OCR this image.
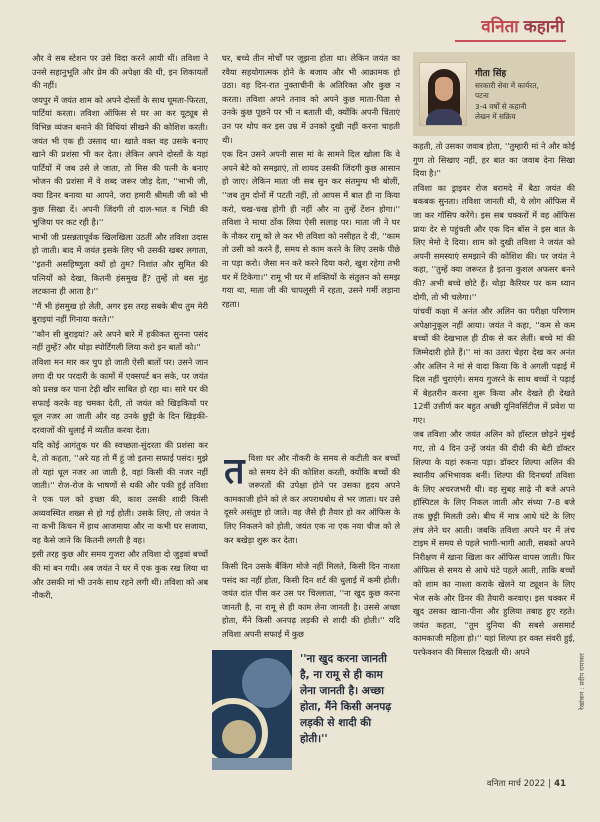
वनिता कहानी

और वे सब स्टेशन पर उसे विदा करने आयी थीं। तविशा ने उनसे सहानुभूति और प्रेम की अपेक्षा की थी, इन शिकायतों की नहीं।

जयपुर में जयंत शाम को अपने दोस्तों के साथ घूमता-फिरता, पार्टियां करता। तविशा ऑफिस से घर आ कर यूट्यूब से विभिन्न व्यंजन बनाने की विधियां सीखने की कोशिश करती। जयंत भी एक ही उस्ताद था। खाते वक्त वह उसके बनाए खाने की प्रशंसा भी कर देता। लेकिन अपने दोस्तों के यहां पार्टियों में जब उसे ले जाता, तो मिस की पत्नी के बनाए भोजन की प्रशंसा में वे शब्द जरूर जोड़ देता, ''भाभी जी, क्या डिनर बनाया था आपने, जरा हमारी श्रीमती जी को भी कुछ सिखा दें। अपनी जिंदगी तो दाल-भात व भिंडी की भुजिया पर कट रही है।''

भाभी जी प्रसन्नतापूर्वक खिलखिला उठतीं और तविशा उदास हो जाती। बाद में जयंत इसके लिए भी उसकी खबर लगाता, ''इतनी असहिष्णुता क्यों हो तुम? निशांत और सुमित की पत्नियों को देखा, कितनी हंसमुख हैं? तुम्हें तो बस मुंह लटकाना ही आता है।''

''मैं भी हंसमुख हो लेती, अगर इस तरह सबके बीच तुम मेरी बुराइयां नहीं गिनाया करते।''

''कौन सी बुराइयां? अरे अपने बारे में हकीकत सुनना पसंद नहीं तुम्हें? और थोड़ा स्पोर्टिंगली लिया करो इन बातों को।''

तविशा मन मार कर चुप हो जाती ऐसी बातों पर। उसने जान लगा दी घर परदारी के कामों में एक्सपर्ट बन सके, पर जयंत को प्रसन्न कर पाना टेढ़ी खीर साबित हो रहा था। सारे घर की सफाई करके वह चमका देती, तो जयंत को खिड़कियों पर धूल नजर आ जाती और वह उनके छुट्टी के दिन खिड़की-दरवाजों की धुलाई में व्यतीत करवा देता।

यदि कोई आगंतुक घर की स्वच्छता-सुंदरता की प्रशंसा कर दे, तो कहता, ''अरे यह तो मैं हूं जो इतना सफाई पसंद। मुझे तो यहां धूल नजर आ जाती है, वहां किसी की नजर नहीं जाती।'' रोज-रोज के भाषणों से थकी और पकी हुई तविशा ने एक पल को इच्छा की, काश उसकी शादी किसी अव्यवस्थित शख्स से हो गई होती। उसके लिए, तो जयंत ने ना कभी किचन में हाथ आजमाया और ना कभी घर सजाया, वह कैसे जाने कि कितनी लगती है वह।

इसी तरह कुछ और समय गुजरा और तविशा दो जुड़वां बच्चों की मां बन गयी। अब जयंत ने घर में एक कुक रख लिया था और उसकी मां भी उनके साथ रहने लगी थीं। तविशा को अब नौकरी,

घर, बच्चे तीन मोर्चों पर जूझना होता था। लेकिन जयंत का रवैया सहयोगात्मक होने के बजाय और भी आक्रामक हो उठा। वह दिन-रात नुक्ताचीनी के अतिरिक्त और कुछ न करता। तविशा अपने तनाव को अपने कुछ माता-पिता से उनके कुछ पूछने पर भी न बताती थी, क्योंकि अपनी चिंताएं उन पर थोप कर इस उम्र में उनको दुखी नहीं करना चाहती थी।

एक दिन उसने अपनी सास मां के सामने दिल खोला कि वे अपने बेटे को समझाएं, तो शायद उसकी जिंदगी कुछ आसान हो जाए। लेकिन माता जी सब सुन कर संतमुग्ध भी बोलीं, ''जब तुम दोनों में पटती नहीं, तो आपस में बात ही ना किया करो, चख-चख होगी ही नहीं और ना तुम्हें टेंशन होगा।'' तविशा ने माथा ठोंक लिया ऐसी सलाह पर। माता जी ने घर के नौकर रामू को ले कर भी तविशा को नसीहत दे दी, ''काम तो उसी को करने हैं, समय से काम करने के लिए उसके पीछे ना पड़ा करो। जैसा मन करे करने दिया करो, खुश रहेगा तभी घर में टिकेगा।'' रामू भी घर में शक्तियों के संतुलन को समझ गया था, माता जी की चापलूसी में रहता, उसने गर्मी लड़ाना रहता।

त विशा घर और नौकरी के समय से कटीती कर बच्चों को समय देने की कोशिश करती, क्योंकि बच्चों की जरूरतों की उपेक्षा होने पर उसका हृदय अपने कामकाजी होने को ले कर अपराधबोध से भर जाता। घर उसे दूसरे असंतुष्ट हो जाते। वह जैसे ही तैयार हो कर ऑफिस के लिए निकलने को होती, जयंत एक ना एक नया चीज को ले कर बखेड़ा शुरू कर देता।

किसी दिन उसके बैंकिंग मोजे नहीं मिलते, किसी दिन नाश्ता पसंद का नहीं होता, किसी दिन शर्ट की धुलाई में कमी होती। जयंत दांत पीस कर उस पर चिल्लाता, ''ना खुद कुछ करना जानती है, ना रामू से ही काम लेना जानती है। उससे अच्छा होता, मैंने किसी अनपढ़ लड़की से शादी की होती।'' यदि तविशा अपनी सफाई में कुछ

''ना खुद करना जानती है, ना रामू से ही काम लेना जानती है। अच्छा होता, मैंने किसी अनपढ़ लड़की से शादी की होती।''
गीता सिंह
सरकारी सेवा में कार्यरत,
पटना
3-4 वर्षों से कहानी
लेखन में सक्रिय

कहती, तो उसका जवाब होता, ''तुम्हारी मां ने और कोई गुण तो सिखाए नहीं, हर बात का जवाब देना सिखा दिया है।''

तविशा का ड्राइवर रोज बरामदे में बैठा जयंत की बकबक सुनता। तविशा जानती थी, ये लोग ऑफिस में जा कर गॉसिप करेंगे। इस सब चक्करों में वह ऑफिस प्रायः देर से पहुंचती और एक दिन बॉस ने इस बात के लिए मेमो दे दिया। शाम को दुखी तविशा ने जयंत को अपनी समस्याएं समझाने की कोशिश की। पर जयंत ने कहा, ''तुम्हें क्या जरूरत है इतना कुशल अफसर बनने की? अभी बच्चे छोटे हैं। थोड़ा कैरियर पर कम ध्यान दोगी, तो भी चलेगा।''

पांचवीं कक्षा में अनंत और अलिन का परीक्षा परिणाम अपेक्षानुकूल नहीं आया। जयंत ने कहा, ''कम से कम बच्चों की देखभाल ही ठीक से कर लेतीं। बच्चे मां की जिम्मेदारी होते हैं।'' मां का उतरा चेहरा देख कर अनंत और अलिन ने मां से वादा किया कि वे अगली पढ़ाई में दिल नहीं चुराएंगे। समय गुजरने के साथ बच्चों ने पढ़ाई में बेहतरीन करना शुरू किया और देखते ही देखते 12वीं उत्तीर्ण कर बहुत अच्छी यूनिवर्सिटीज में प्रवेश पा गए।

जब तविशा और जयंत अलिन को हॉस्टल छोड़ने मुंबई गए, तो 4 दिन उन्हें जयंत की दीदी की बेटी डॉक्टर शिल्पा के यहां रुकना पड़ा। डॉक्टर शिल्पा अलिन की स्थानीय अभिभावक बनीं। शिल्पा की दिनचर्या तविशा के लिए अचरजभरी थी। वह सुबह साढ़े नौ बजे अपने हॉस्पिटल के लिए निकल जाती और संध्या 7-8 बजे तक छुट्टी मिलती उसे। बीच में मात्र आधे घंटे के लिए लंच लेने घर आती। जबकि तविशा अपने घर में लंच टाइम में समय से पहले भागी-भागी आती, सबको अपने निरीक्षण में खाना खिला कर ऑफिस वापस जाती। फिर ऑफिस से समय से आधे घंटे पहले आती, ताकि बच्चों को शाम का नाश्ता कराके खेलने या ट्यूशन के लिए भेज सके और डिनर की तैयारी करवाए। इस चक्कर में खुद उसका खाना-पीना और हुलिया तबाह हुए रहते। जयंत कहता, ''तुम दुनिया की सबसे असमार्ट कामकाजी महिला हो।'' यहां शिल्पा हर वक्त संवरी हुई, परफेक्शन की मिसाल दिखती थी। अपने

रेखांकन : प्रदीप रामाकर
वनिता मार्च 2022 | 41
